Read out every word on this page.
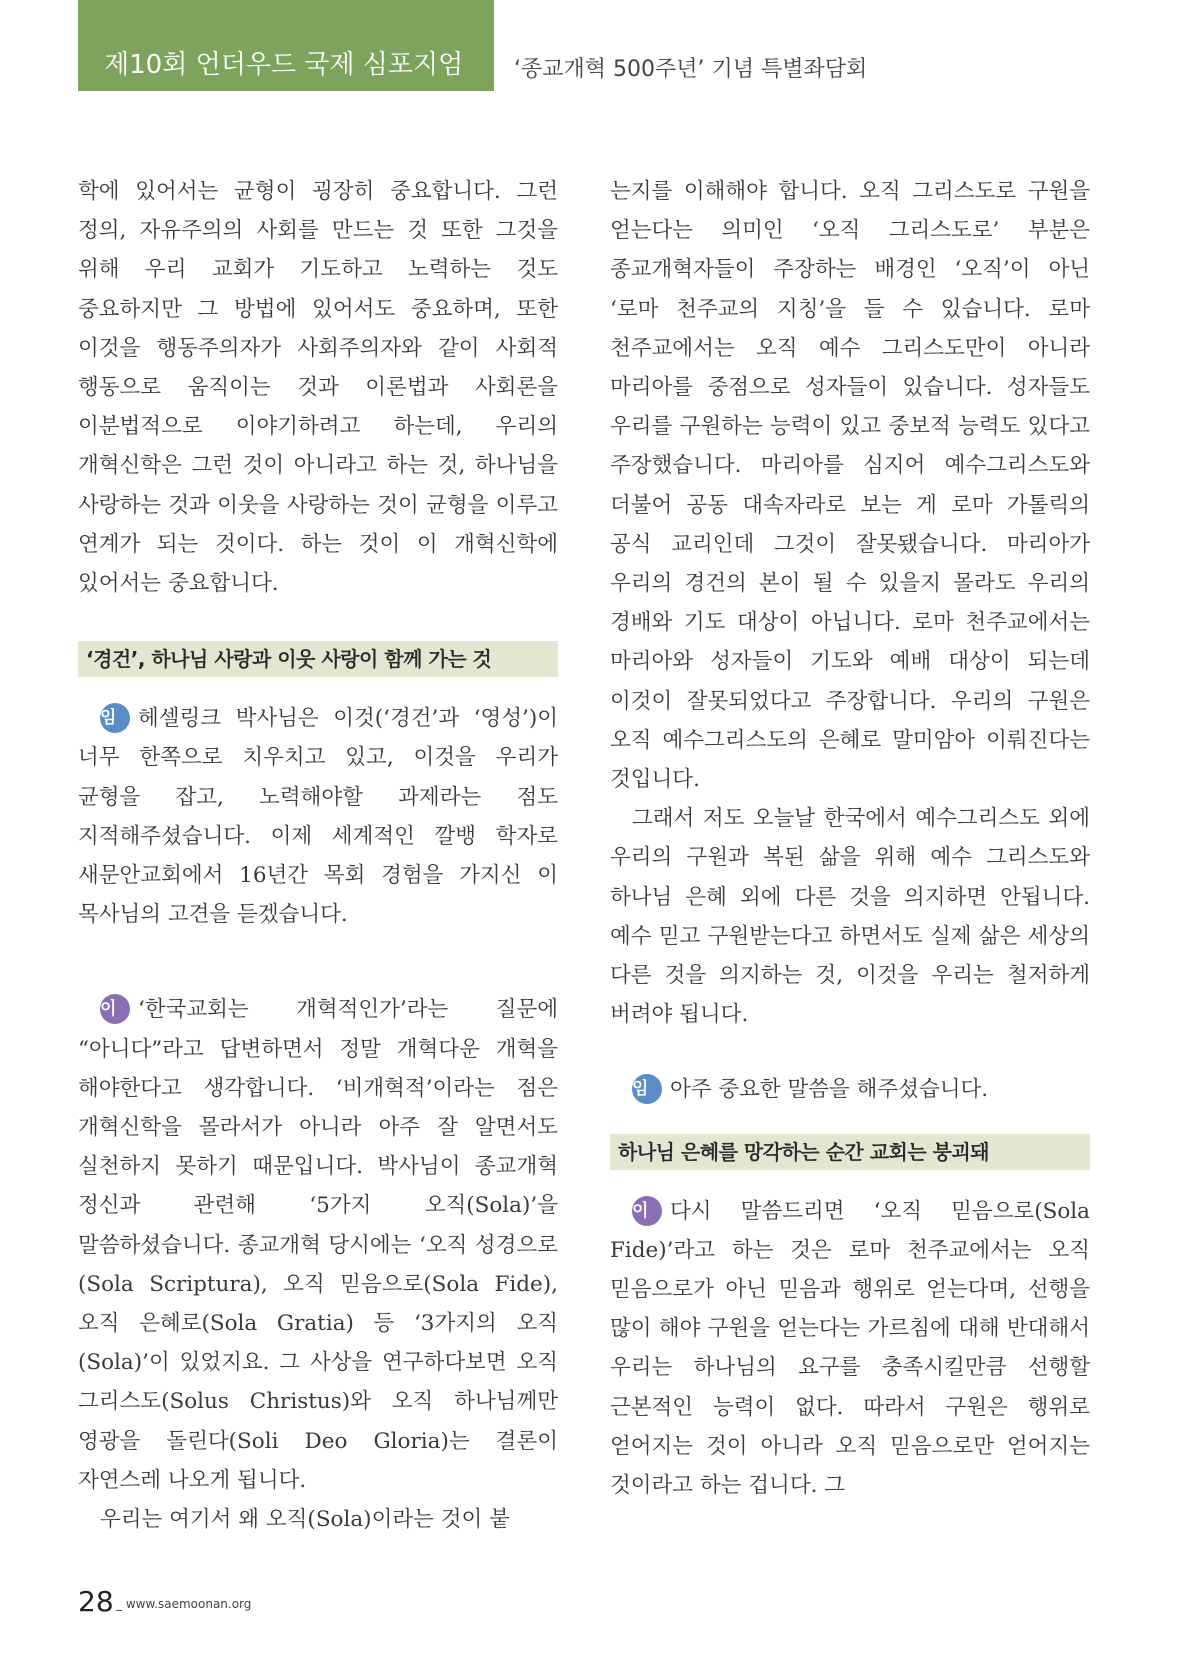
제10회 언더우드 국제 심포지엄 ‘종교개혁 500주년’ 기념 특별좌담회

학에 있어서는 균형이 굉장히 중요합니다. 그런 정의, 자유주의의 사회를 만드는 것 또한 그것을 위해 우리 교회가 기도하고 노력하는 것도 중요하지만 그 방법에 있어서도 중요하며, 또한 이것을 행동주의자가 사회주의자와 같이 사회적 행동으로 움직이는 것과 이론법과 사회론을 이분법적으로 이야기하려고 하는데, 우리의 개혁신학은 그런 것이 아니라고 하는 것, 하나님을 사랑하는 것과 이웃을 사랑하는 것이 균형을 이루고 연계가 되는 것이다. 하는 것이 이 개혁신학에 있어서는 중요합니다.

‘경건’, 하나님 사랑과 이웃 사랑이 함께 가는 것

임 헤셀링크 박사님은 이것(‘경건’과 ‘영성’)이 너무 한쪽으로 치우치고 있고, 이것을 우리가 균형을 잡고, 노력해야할 과제라는 점도 지적해주셨습니다. 이제 세계적인 깔뱅 학자로 새문안교회에서 16년간 목회 경험을 가지신 이 목사님의 고견을 듣겠습니다.

이 ‘한국교회는 개혁적인가’라는 질문에 “아니다”라고 답변하면서 정말 개혁다운 개혁을 해야한다고 생각합니다. ‘비개혁적’이라는 점은 개혁신학을 몰라서가 아니라 아주 잘 알면서도 실천하지 못하기 때문입니다. 박사님이 종교개혁 정신과 관련해 ‘5가지 오직(Sola)’을 말씀하셨습니다. 종교개혁 당시에는 ‘오직 성경으로(Sola Scriptura), 오직 믿음으로(Sola Fide), 오직 은혜로(Sola Gratia) 등 ‘3가지의 오직(Sola)’이 있었지요. 그 사상을 연구하다보면 오직 그리스도(Solus Christus)와 오직 하나님께만 영광을 돌린다(Soli Deo Gloria)는 결론이 자연스레 나오게 됩니다.

우리는 여기서 왜 오직(Sola)이라는 것이 붙

는지를 이해해야 합니다. 오직 그리스도로 구원을 얻는다는 의미인 ‘오직 그리스도로’ 부분은 종교개혁자들이 주장하는 배경인 ‘오직’이 아닌 ‘로마 천주교의 지칭’을 들 수 있습니다. 로마 천주교에서는 오직 예수 그리스도만이 아니라 마리아를 중점으로 성자들이 있습니다. 성자들도 우리를 구원하는 능력이 있고 중보적 능력도 있다고 주장했습니다. 마리아를 심지어 예수그리스도와 더불어 공동 대속자라로 보는 게 로마 가톨릭의 공식 교리인데 그것이 잘못됐습니다. 마리아가 우리의 경건의 본이 될 수 있을지 몰라도 우리의 경배와 기도 대상이 아닙니다. 로마 천주교에서는 마리아와 성자들이 기도와 예배 대상이 되는데 이것이 잘못되었다고 주장합니다. 우리의 구원은 오직 예수그리스도의 은혜로 말미암아 이뤄진다는 것입니다.

그래서 저도 오늘날 한국에서 예수그리스도 외에 우리의 구원과 복된 삶을 위해 예수 그리스도와 하나님 은혜 외에 다른 것을 의지하면 안됩니다. 예수 믿고 구원받는다고 하면서도 실제 삶은 세상의 다른 것을 의지하는 것, 이것을 우리는 철저하게 버려야 됩니다.

임 아주 중요한 말씀을 해주셨습니다.

하나님 은혜를 망각하는 순간 교회는 붕괴돼

이 다시 말씀드리면 ‘오직 믿음으로(Sola Fide)’라고 하는 것은 로마 천주교에서는 오직 믿음으로가 아닌 믿음과 행위로 얻는다며, 선행을 많이 해야 구원을 얻는다는 가르침에 대해 반대해서 우리는 하나님의 요구를 충족시킬만큼 선행할 근본적인 능력이 없다. 따라서 구원은 행위로 얻어지는 것이 아니라 오직 믿음으로만 얻어지는 것이라고 하는 겁니다. 그

28 _ www.saemoonan.org
